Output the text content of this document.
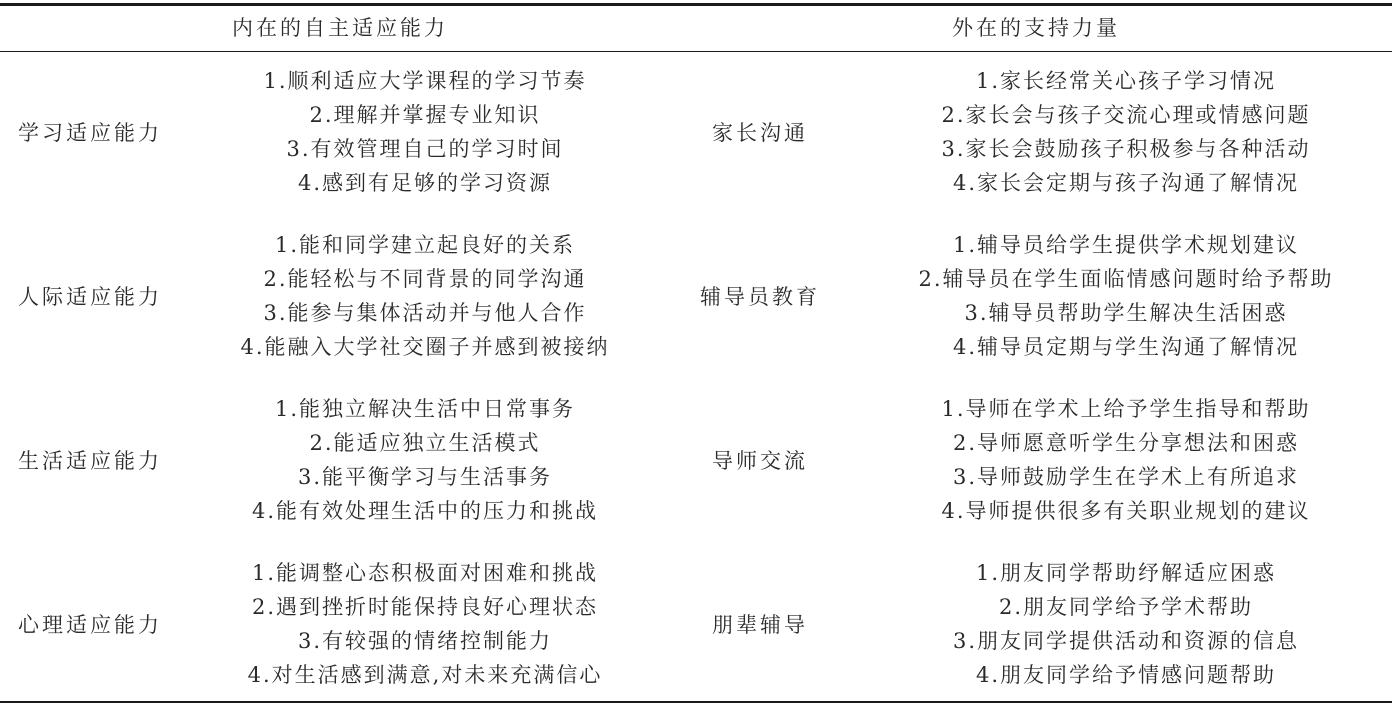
内在的自主适应能力	外在的支持力量
学习适应能力
1.顺利适应大学课程的学习节奏
2.理解并掌握专业知识
3.有效管理自己的学习时间
4.感到有足够的学习资源
家长沟通
1.家长经常关心孩子学习情况
2.家长会与孩子交流心理或情感问题
3.家长会鼓励孩子积极参与各种活动
4.家长会定期与孩子沟通了解情况
人际适应能力
1.能和同学建立起良好的关系
2.能轻松与不同背景的同学沟通
3.能参与集体活动并与他人合作
4.能融入大学社交圈子并感到被接纳
辅导员教育
1.辅导员给学生提供学术规划建议
2.辅导员在学生面临情感问题时给予帮助
3.辅导员帮助学生解决生活困惑
4.辅导员定期与学生沟通了解情况
生活适应能力
1.能独立解决生活中日常事务
2.能适应独立生活模式
3.能平衡学习与生活事务
4.能有效处理生活中的压力和挑战
导师交流
1.导师在学术上给予学生指导和帮助
2.导师愿意听学生分享想法和困惑
3.导师鼓励学生在学术上有所追求
4.导师提供很多有关职业规划的建议
心理适应能力
1.能调整心态积极面对困难和挑战
2.遇到挫折时能保持良好心理状态
3.有较强的情绪控制能力
4.对生活感到满意,对未来充满信心
朋辈辅导
1.朋友同学帮助纾解适应困惑
2.朋友同学给予学术帮助
3.朋友同学提供活动和资源的信息
4.朋友同学给予情感问题帮助
